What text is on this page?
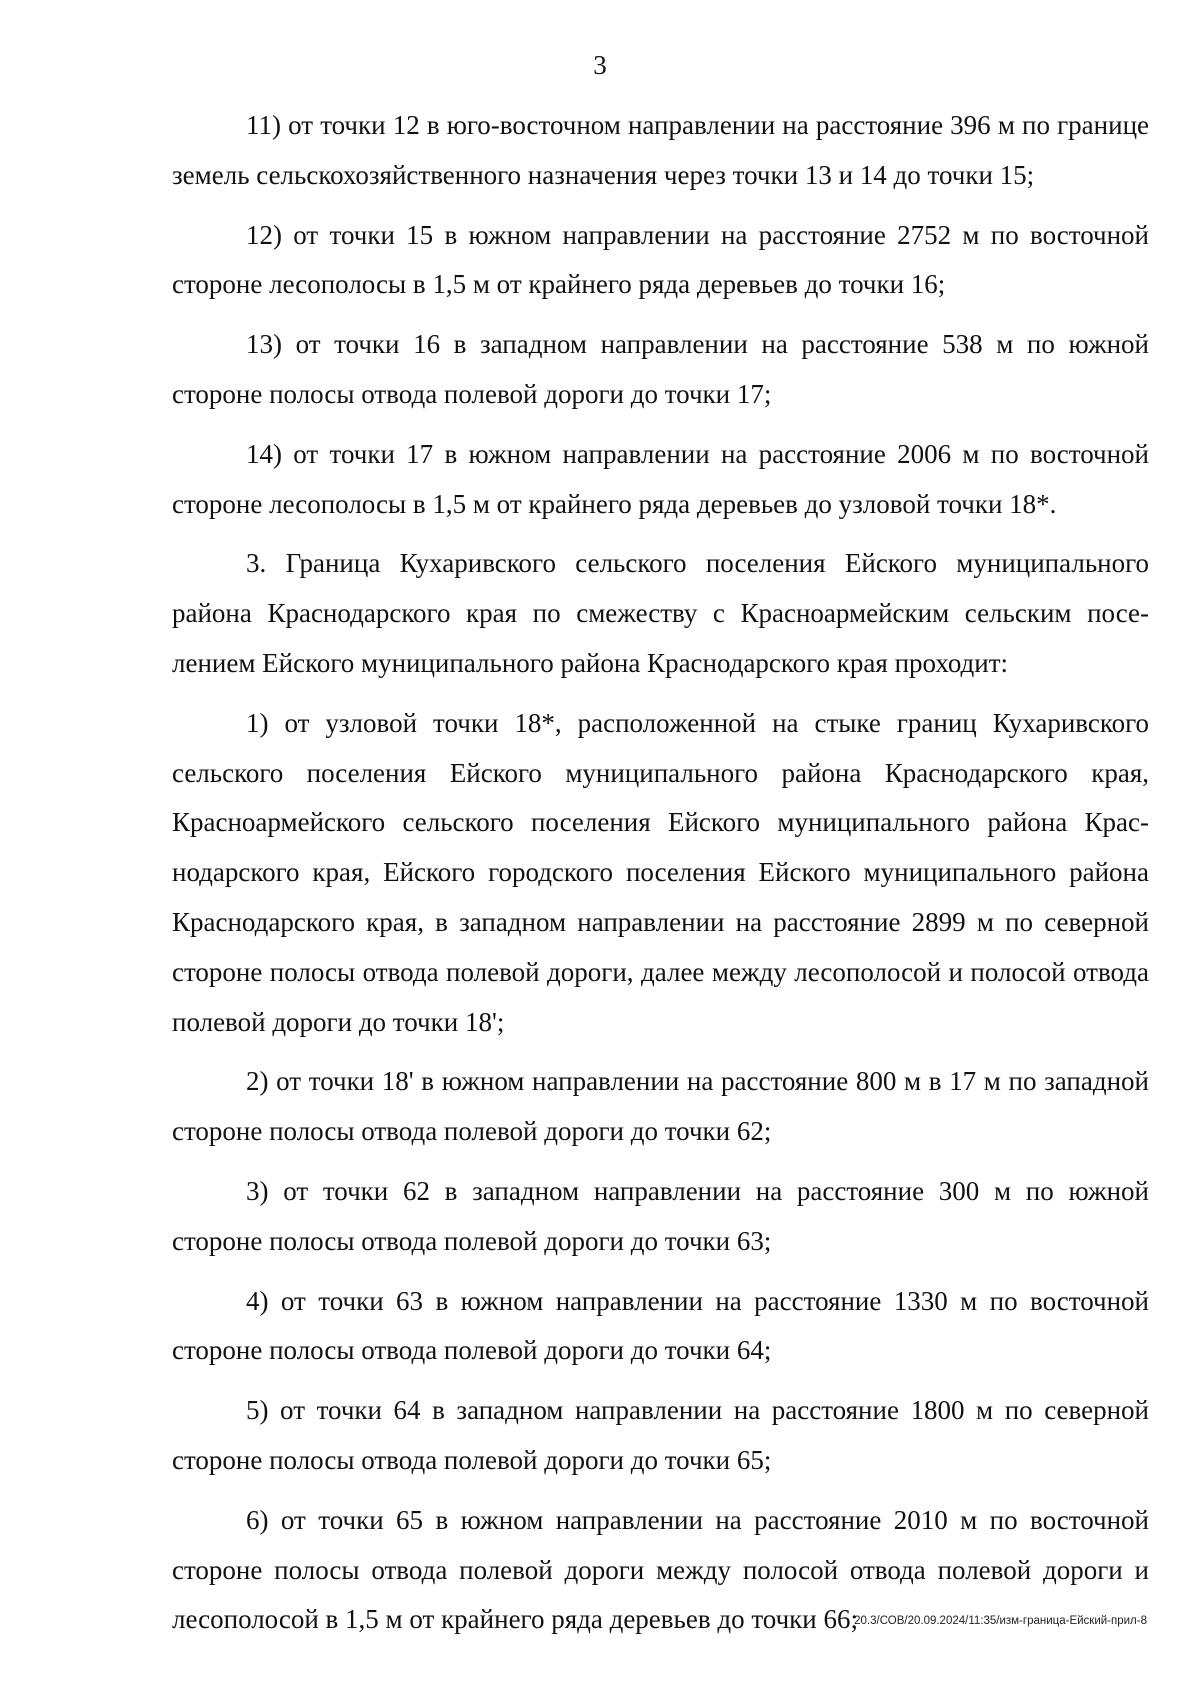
3

11) от точки 12 в юго-восточном направлении на расстояние 396 м по границе земель сельскохозяйственного назначения через точки 13 и 14 до точки 15;

12) от точки 15 в южном направлении на расстояние 2752 м по восточной стороне лесополосы в 1,5 м от крайнего ряда деревьев до точки 16;

13) от точки 16 в западном направлении на расстояние 538 м по южной стороне полосы отвода полевой дороги до точки 17;

14) от точки 17 в южном направлении на расстояние 2006 м по восточной стороне лесополосы в 1,5 м от крайнего ряда деревьев до узловой точки 18*.

3. Граница Кухаривского сельского поселения Ейского муниципального района Краснодарского края по смежеству с Красноармейским сельским поселением Ейского муниципального района Краснодарского края проходит:

1) от узловой точки 18*, расположенной на стыке границ Кухаривского сельского поселения Ейского муниципального района Краснодарского края, Красноармейского сельского поселения Ейского муниципального района Краснодарского края, Ейского городского поселения Ейского муниципального района Краснодарского края, в западном направлении на расстояние 2899 м по северной стороне полосы отвода полевой дороги, далее между лесополосой и полосой отвода полевой дороги до точки 18';

2) от точки 18' в южном направлении на расстояние 800 м в 17 м по западной стороне полосы отвода полевой дороги до точки 62;

3) от точки 62 в западном направлении на расстояние 300 м по южной стороне полосы отвода полевой дороги до точки 63;

4) от точки 63 в южном направлении на расстояние 1330 м по восточной стороне полосы отвода полевой дороги до точки 64;

5) от точки 64 в западном направлении на расстояние 1800 м по северной стороне полосы отвода полевой дороги до точки 65;

6) от точки 65 в южном направлении на расстояние 2010 м по восточной стороне полосы отвода полевой дороги между полосой отвода полевой дороги и лесополосой в 1,5 м от крайнего ряда деревьев до точки 66;

20.3/СОВ/20.09.2024/11:35/изм-граница-Ейский-прил-8
